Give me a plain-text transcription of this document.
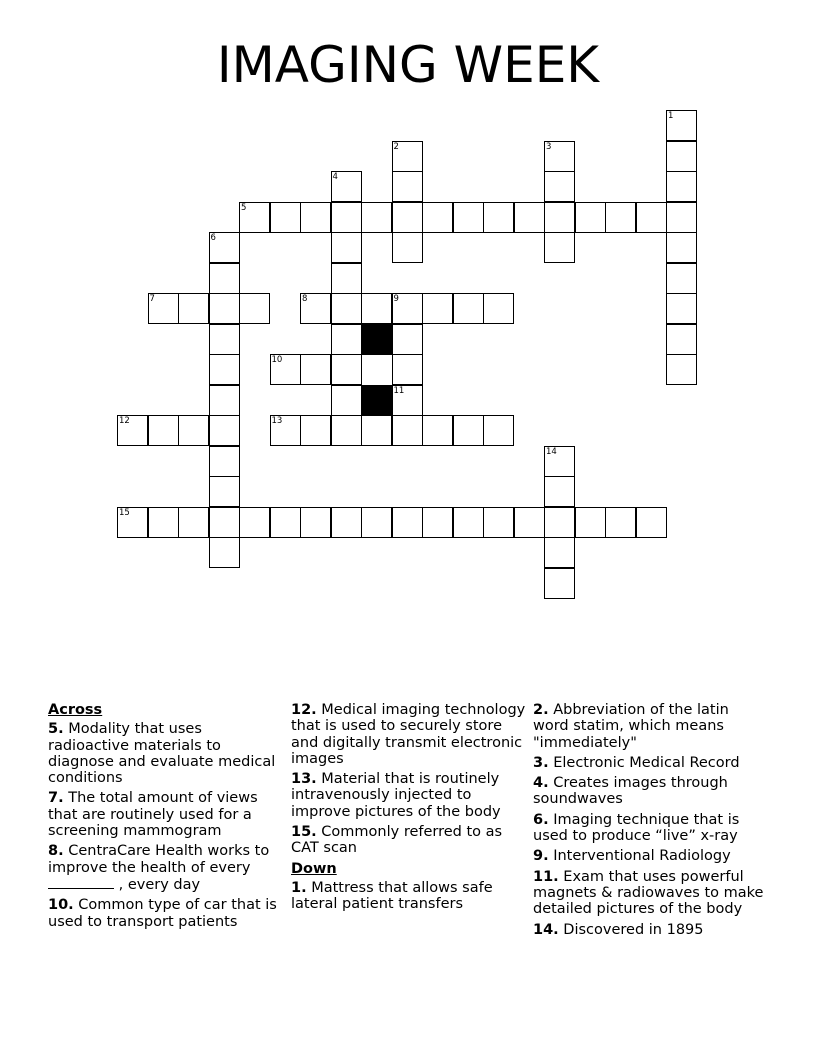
IMAGING WEEK
5
7	8	9
10
12	13
15
1
2	3
4
6
11
14
Across
5. Modality that uses radioactive materials to diagnose and evaluate medical conditions
7. The total amount of views that are routinely used for a screening mammogram
8. CentraCare Health works to improve the health of every  , every day
10. Common type of car that is used to transport patients
12. Medical imaging technology that is used to securely store and digitally transmit electronic images
13. Material that is routinely intravenously injected to improve pictures of the body
15. Commonly referred to as CAT scan
Down
1. Mattress that allows safe lateral patient transfers
2. Abbreviation of the latin word statim, which means "immediately"
3. Electronic Medical Record
4. Creates images through soundwaves
6. Imaging technique that is used to produce “live” x-ray
9. Interventional Radiology
11. Exam that uses powerful magnets & radiowaves to make detailed pictures of the body
14. Discovered in 1895
